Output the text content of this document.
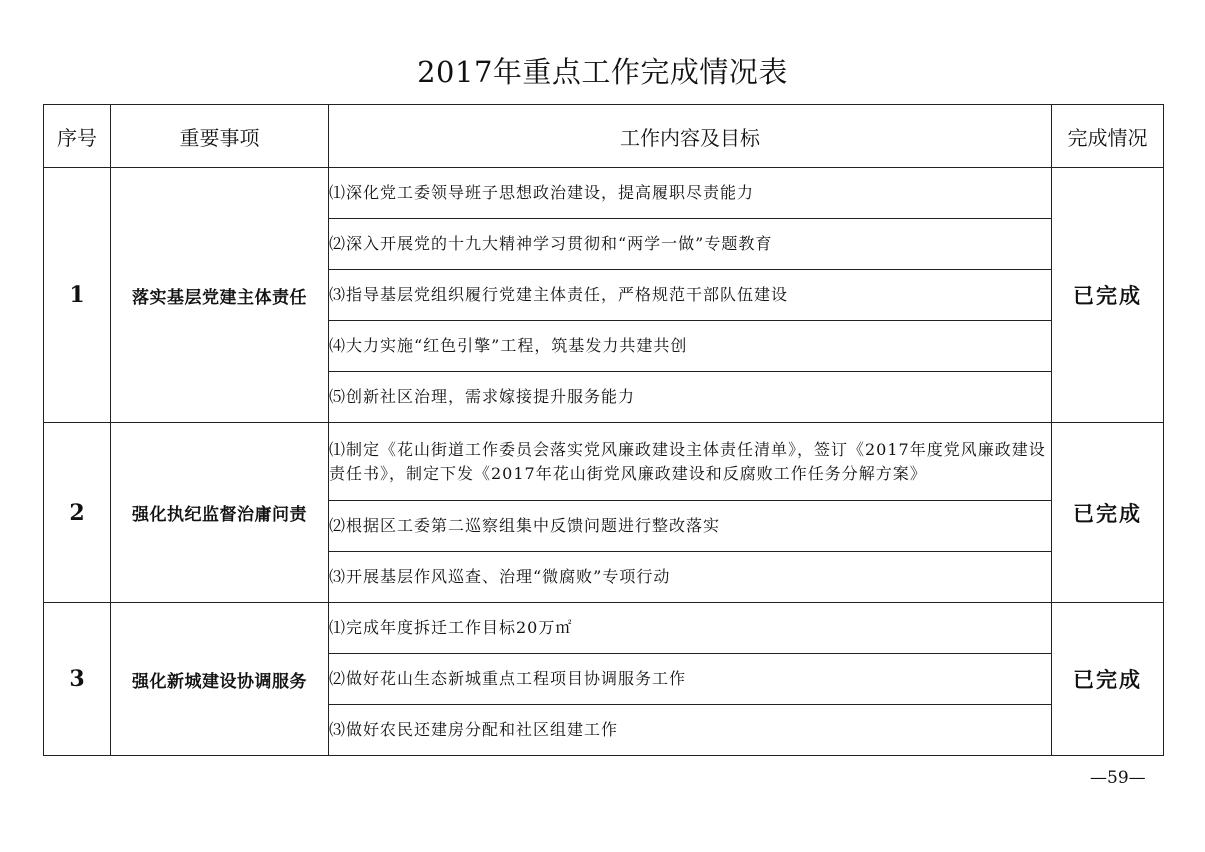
2017年重点工作完成情况表
序号	重要事项	工作内容及目标	完成情况
1	落实基层党建主体责任	⑴深化党工委领导班子思想政治建设，提高履职尽责能力	已完成
		⑵深入开展党的十九大精神学习贯彻和“两学一做”专题教育	
		⑶指导基层党组织履行党建主体责任，严格规范干部队伍建设	
		⑷大力实施“红色引擎”工程，筑基发力共建共创	
		⑸创新社区治理，需求嫁接提升服务能力	
2	强化执纪监督治庸问责	⑴制定《花山街道工作委员会落实党风廉政建设主体责任清单》，签订《2017年度党风廉政建设责任书》，制定下发《2017年花山街党风廉政建设和反腐败工作任务分解方案》	已完成
		⑵根据区工委第二巡察组集中反馈问题进行整改落实	
		⑶开展基层作风巡查、治理“微腐败”专项行动	
3	强化新城建设协调服务	⑴完成年度拆迁工作目标20万㎡	已完成
		⑵做好花山生态新城重点工程项目协调服务工作	
		⑶做好农民还建房分配和社区组建工作	
—59—
